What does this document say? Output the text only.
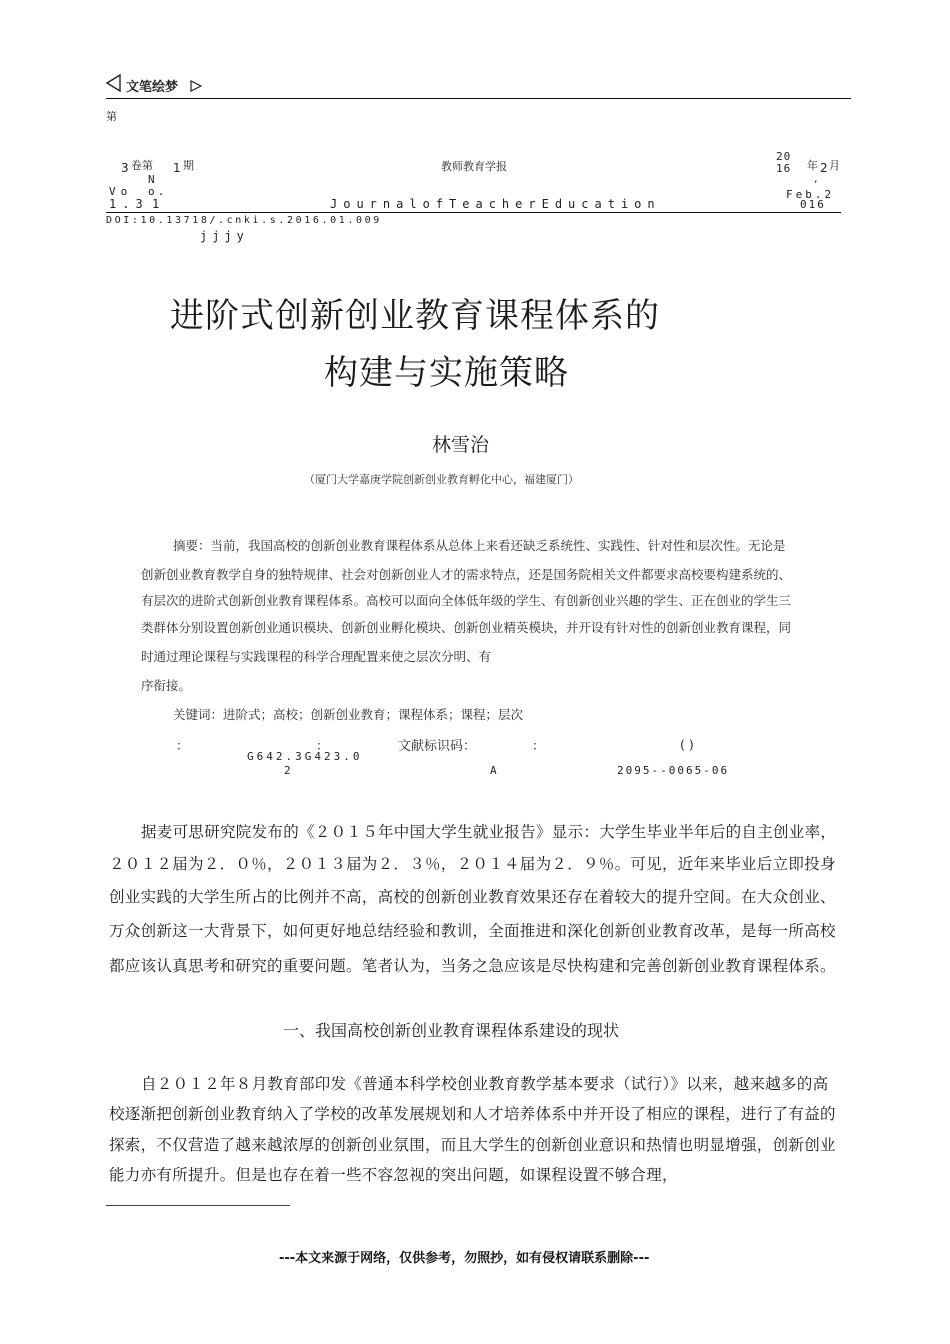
文笔绘梦
第
3 卷第 1 期	教师教育学报
20
16 年 2 月
,
N
Vo o.	Feb.2
1.3 1	JournalofTeacherEducation	016
DOI:10.13718/.cnki.s.2016.01.009
jjjy
进阶式创新创业教育课程体系的
构建与实施策略
林雪治
（厦门大学嘉庚学院创新创业教育孵化中心，福建厦门）
摘要：当前，我国高校的创新创业教育课程体系从总体上来看还缺乏系统性、实践性、针对性和层次性。无论是
创新创业教育教学自身的独特规律、社会对创新创业人才的需求特点，还是国务院相关文件都要求高校要构建系统的、
有层次的进阶式创新创业教育课程体系。高校可以面向全体低年级的学生、有创新创业兴趣的学生、正在创业的学生三
类群体分别设置创新创业通识模块、创新创业孵化模块、创新创业精英模块，并开设有针对性的创新创业教育课程，同
时通过理论课程与实践课程的科学合理配置来使之层次分明、有
序衔接。
关键词：进阶式；高校；创新创业教育；课程体系；课程；层次
：	：	文献标识码：	：	( )
G642.3G423.0
2	A	2095--0065-06
据麦可思研究院发布的《２０１５年中国大学生就业报告》显示：大学生毕业半年后的自主创业率，
２０１２届为２．０％，２０１３届为２．３％，２０１４届为２．９％。可见，近年来毕业后立即投身
创业实践的大学生所占的比例并不高，高校的创新创业教育效果还存在着较大的提升空间。在大众创业、
万众创新这一大背景下，如何更好地总结经验和教训，全面推进和深化创新创业教育改革，是每一所高校
都应该认真思考和研究的重要问题。笔者认为，当务之急应该是尽快构建和完善创新创业教育课程体系。
一、我国高校创新创业教育课程体系建设的现状
自２０１２年８月教育部印发《普通本科学校创业教育教学基本要求（试行）》以来，越来越多的高
校逐渐把创新创业教育纳入了学校的改革发展规划和人才培养体系中并开设了相应的课程，进行了有益的
探索，不仅营造了越来越浓厚的创新创业氛围，而且大学生的创新创业意识和热情也明显增强，创新创业
能力亦有所提升。但是也存在着一些不容忽视的突出问题，如课程设置不够合理，
---本文来源于网络，仅供参考，勿照抄，如有侵权请联系删除---
